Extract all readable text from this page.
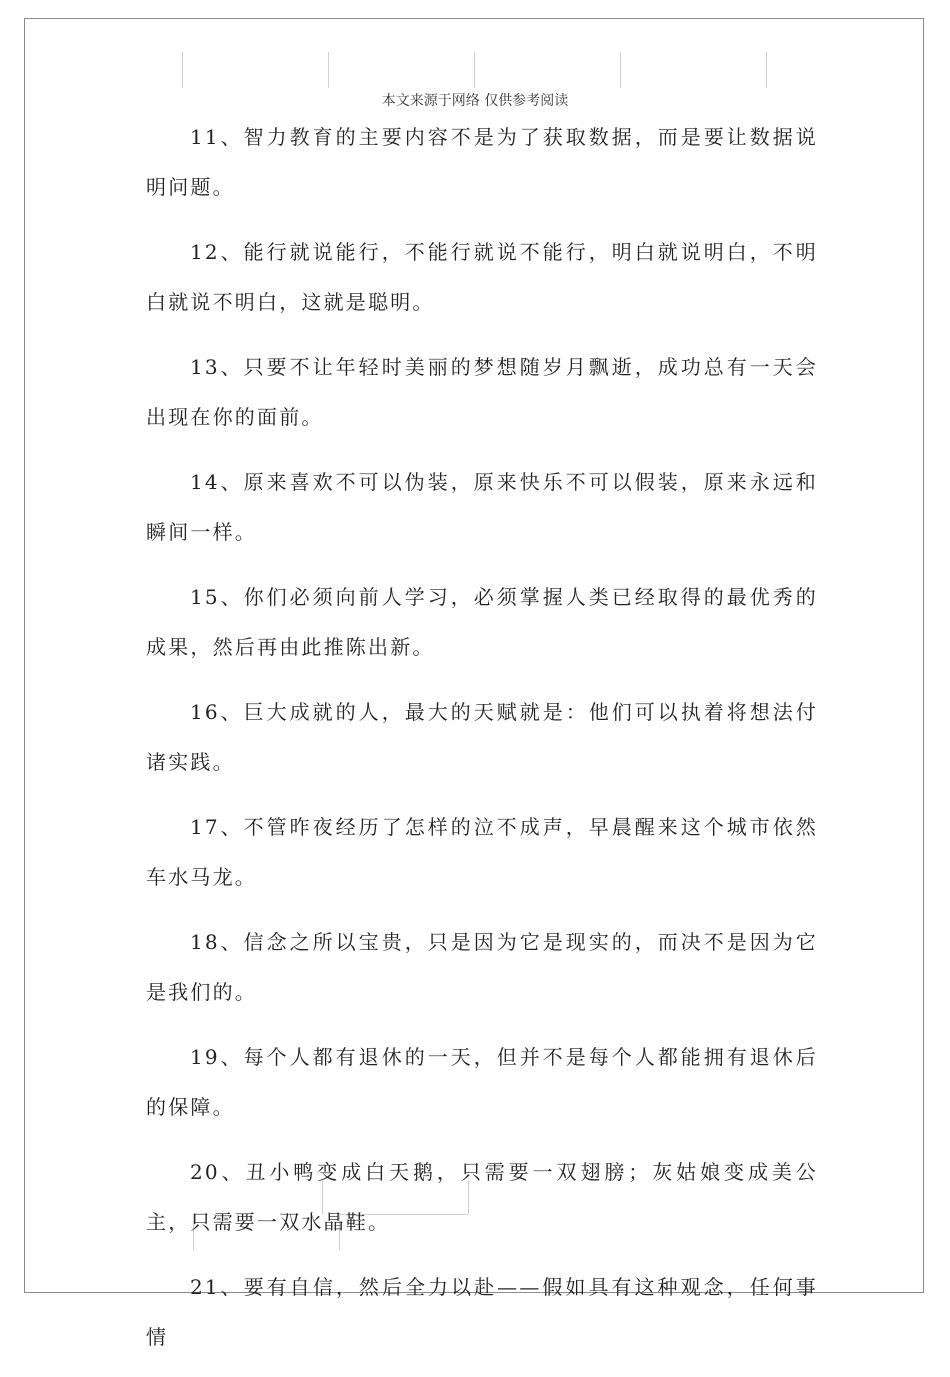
本文来源于网络 仅供参考阅读

11、智力教育的主要内容不是为了获取数据，而是要让数据说明问题。

12、能行就说能行，不能行就说不能行，明白就说明白，不明白就说不明白，这就是聪明。

13、只要不让年轻时美丽的梦想随岁月飘逝，成功总有一天会出现在你的面前。

14、原来喜欢不可以伪装，原来快乐不可以假装，原来永远和瞬间一样。

15、你们必须向前人学习，必须掌握人类已经取得的最优秀的成果，然后再由此推陈出新。

16、巨大成就的人，最大的天赋就是：他们可以执着将想法付诸实践。

17、不管昨夜经历了怎样的泣不成声，早晨醒来这个城市依然车水马龙。

18、信念之所以宝贵，只是因为它是现实的，而决不是因为它是我们的。

19、每个人都有退休的一天，但并不是每个人都能拥有退休后的保障。

20、丑小鸭变成白天鹅，只需要一双翅膀；灰姑娘变成美公主，只需要一双水晶鞋。

21、要有自信，然后全力以赴——假如具有这种观念，任何事情
